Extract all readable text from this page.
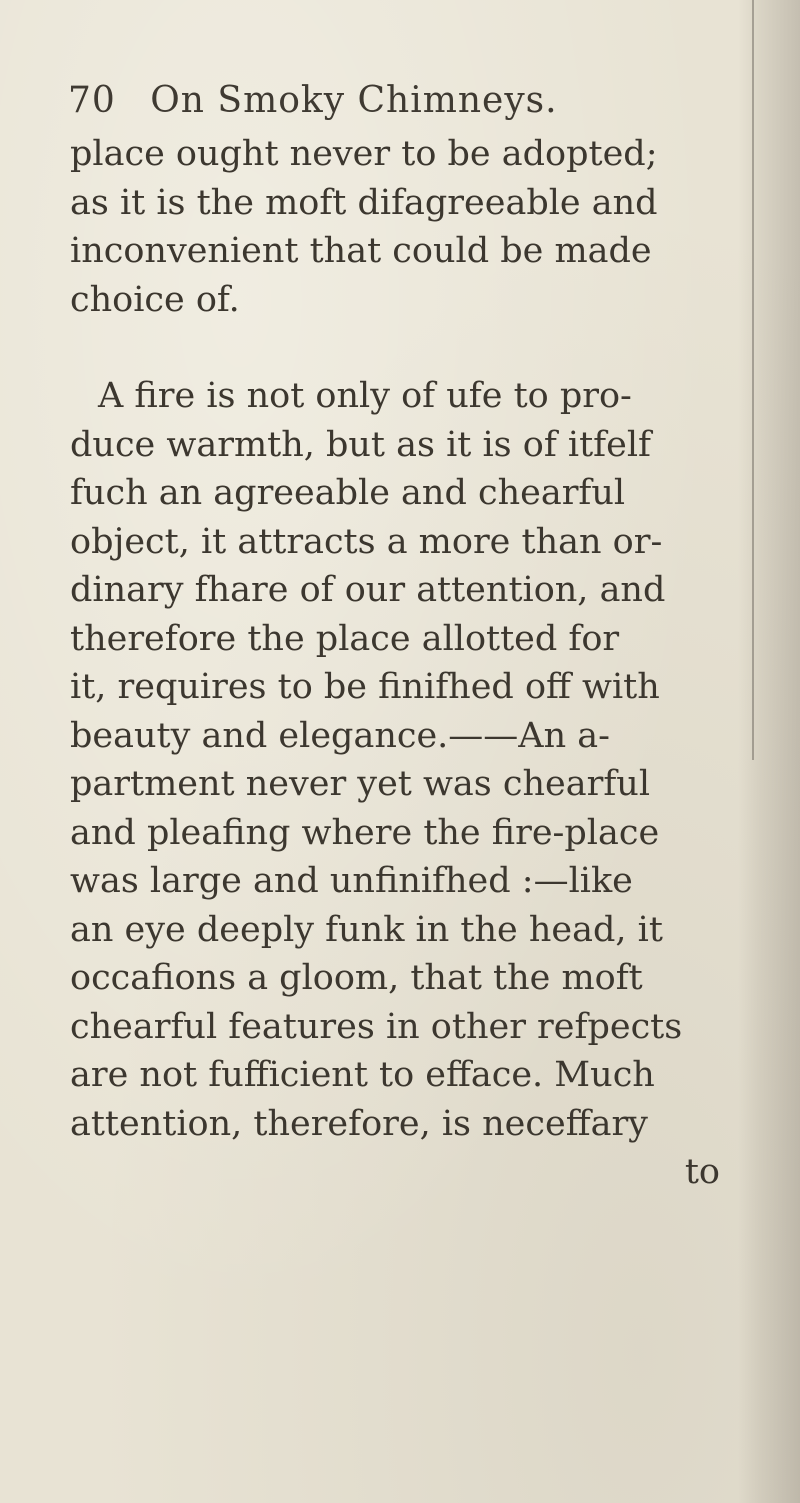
70 On Smoky Chimneys.
place ought never to be adopted;
as it is the moft difagreeable and
inconvenient that could be made
choice of.
A fire is not only of ufe to pro-
duce warmth, but as it is of itfelf
fuch an agreeable and chearful
object, it attracts a more than or-
dinary fhare of our attention, and
therefore the place allotted for
it, requires to be finifhed off with
beauty and elegance.——An a-
partment never yet was chearful
and pleafing where the fire-place
was large and unfinifhed :—like
an eye deeply funk in the head, it
occafions a gloom, that the moft
chearful features in other refpects
are not fufficient to efface. Much
attention, therefore, is neceffary
to
